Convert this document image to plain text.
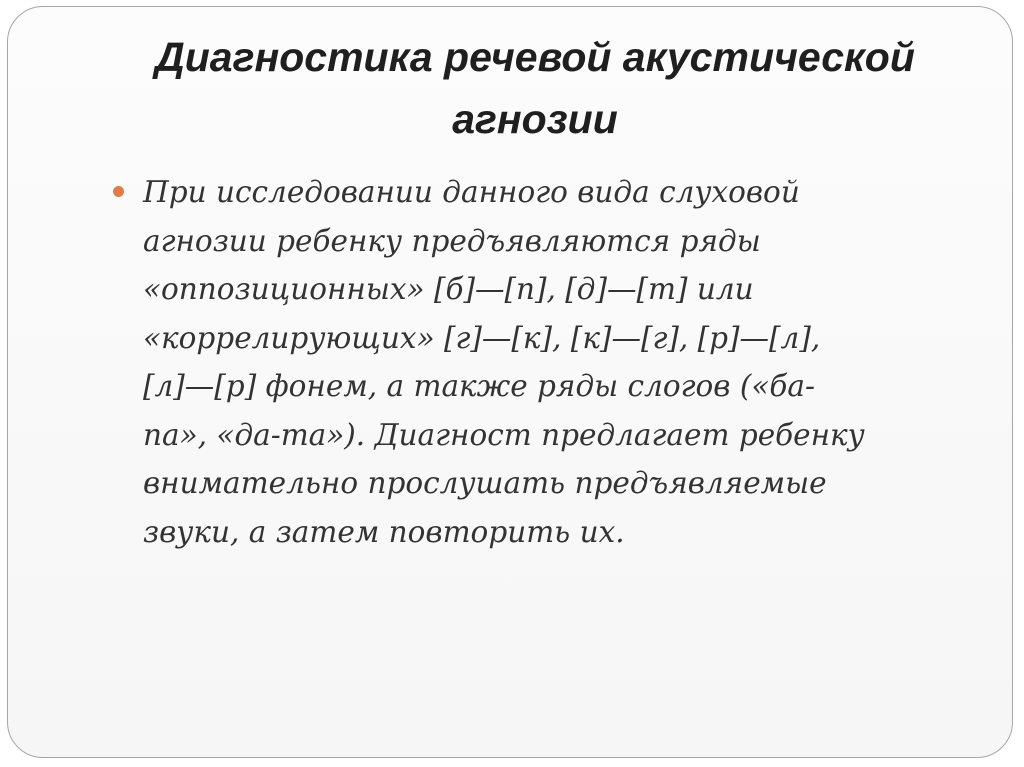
Диагностика речевой акустической
агнозии
При исследовании данного вида слуховой
агнозии ребенку предъявляются ряды
«оппозиционных» [б]—[п], [д]—[т] или
«коррелирующих» [г]—[к], [к]—[г], [р]—[л],
[л]—[р] фонем, а также ряды слогов («ба-
па», «да-та»). Диагност предлагает ребенку
внимательно прослушать предъявляемые
звуки, а затем повторить их.
